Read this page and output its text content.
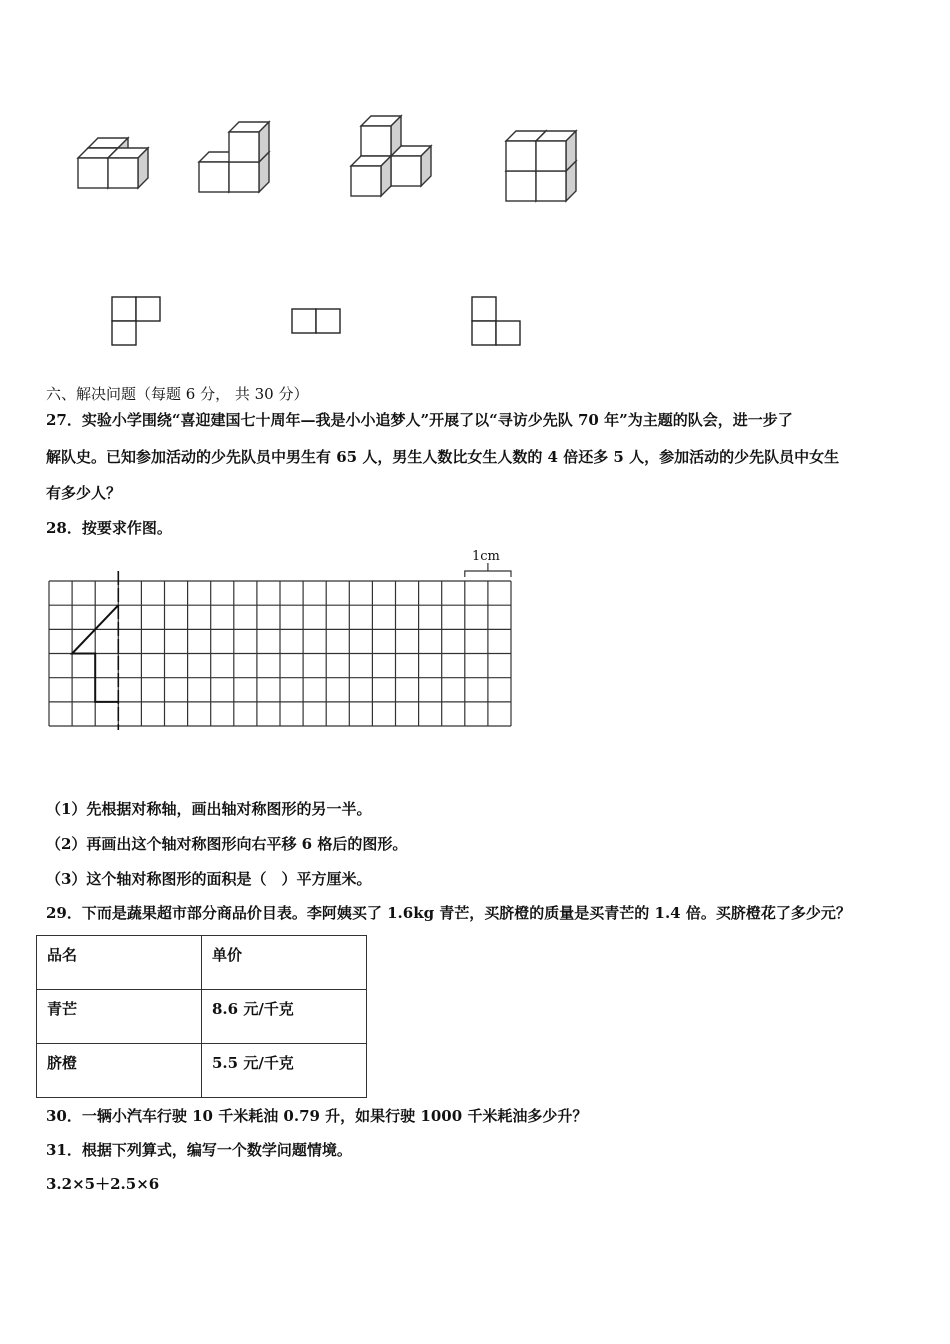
六、解决问题（每题 6 分， 共 30 分）
27．实验小学围绕“喜迎建国七十周年—我是小小追梦人”开展了以“寻访少先队 70 年”为主题的队会，进一步了
解队史。已知参加活动的少先队员中男生有 65 人，男生人数比女生人数的 4 倍还多 5 人，参加活动的少先队员中女生
有多少人？
28．按要求作图。
1cm
（1）先根据对称轴，画出轴对称图形的另一半。
（2）再画出这个轴对称图形向右平移 6 格后的图形。
（3）这个轴对称图形的面积是（　）平方厘米。
29．下而是蔬果超市部分商品价目表。李阿姨买了 1.6kg 青芒，买脐橙的质量是买青芒的 1.4 倍。买脐橙花了多少元？
品名	单价
青芒	8.6 元/千克
脐橙	5.5 元/千克
30．一辆小汽车行驶 10 千米耗油 0.79 升，如果行驶 1000 千米耗油多少升？
31．根据下列算式，编写一个数学问题情境。
3.2×5＋2.5×6
